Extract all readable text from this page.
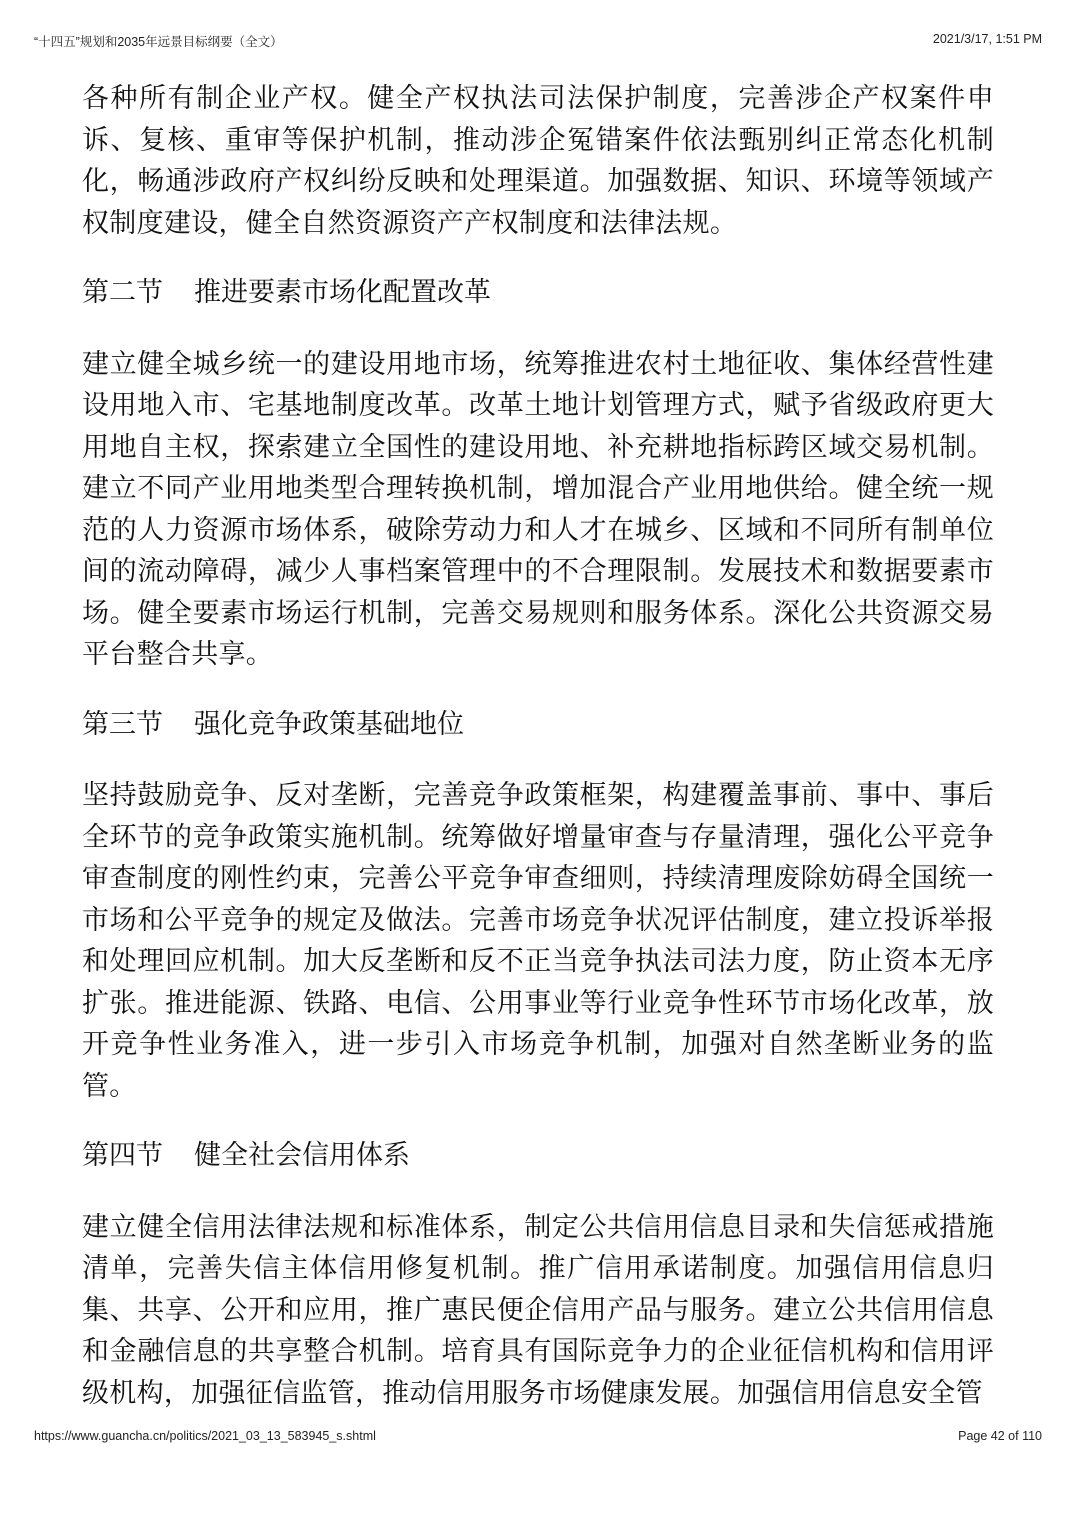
“十四五”规划和2035年远景目标纲要（全文）	2021/3/17, 1:51 PM

各种所有制企业产权。健全产权执法司法保护制度，完善涉企产权案件申诉、复核、重审等保护机制，推动涉企冤错案件依法甄别纠正常态化机制化，畅通涉政府产权纠纷反映和处理渠道。加强数据、知识、环境等领域产权制度建设，健全自然资源资产产权制度和法律法规。

第二节 推进要素市场化配置改革

建立健全城乡统一的建设用地市场，统筹推进农村土地征收、集体经营性建设用地入市、宅基地制度改革。改革土地计划管理方式，赋予省级政府更大用地自主权，探索建立全国性的建设用地、补充耕地指标跨区域交易机制。建立不同产业用地类型合理转换机制，增加混合产业用地供给。健全统一规范的人力资源市场体系，破除劳动力和人才在城乡、区域和不同所有制单位间的流动障碍，减少人事档案管理中的不合理限制。发展技术和数据要素市场。健全要素市场运行机制，完善交易规则和服务体系。深化公共资源交易平台整合共享。

第三节 强化竞争政策基础地位

坚持鼓励竞争、反对垄断，完善竞争政策框架，构建覆盖事前、事中、事后全环节的竞争政策实施机制。统筹做好增量审查与存量清理，强化公平竞争审查制度的刚性约束，完善公平竞争审查细则，持续清理废除妨碍全国统一市场和公平竞争的规定及做法。完善市场竞争状况评估制度，建立投诉举报和处理回应机制。加大反垄断和反不正当竞争执法司法力度，防止资本无序扩张。推进能源、铁路、电信、公用事业等行业竞争性环节市场化改革，放开竞争性业务准入，进一步引入市场竞争机制，加强对自然垄断业务的监管。

第四节 健全社会信用体系

建立健全信用法律法规和标准体系，制定公共信用信息目录和失信惩戒措施清单，完善失信主体信用修复机制。推广信用承诺制度。加强信用信息归集、共享、公开和应用，推广惠民便企信用产品与服务。建立公共信用信息和金融信息的共享整合机制。培育具有国际竞争力的企业征信机构和信用评级机构，加强征信监管，推动信用服务市场健康发展。加强信用信息安全管

https://www.guancha.cn/politics/2021_03_13_583945_s.shtml	Page 42 of 110
